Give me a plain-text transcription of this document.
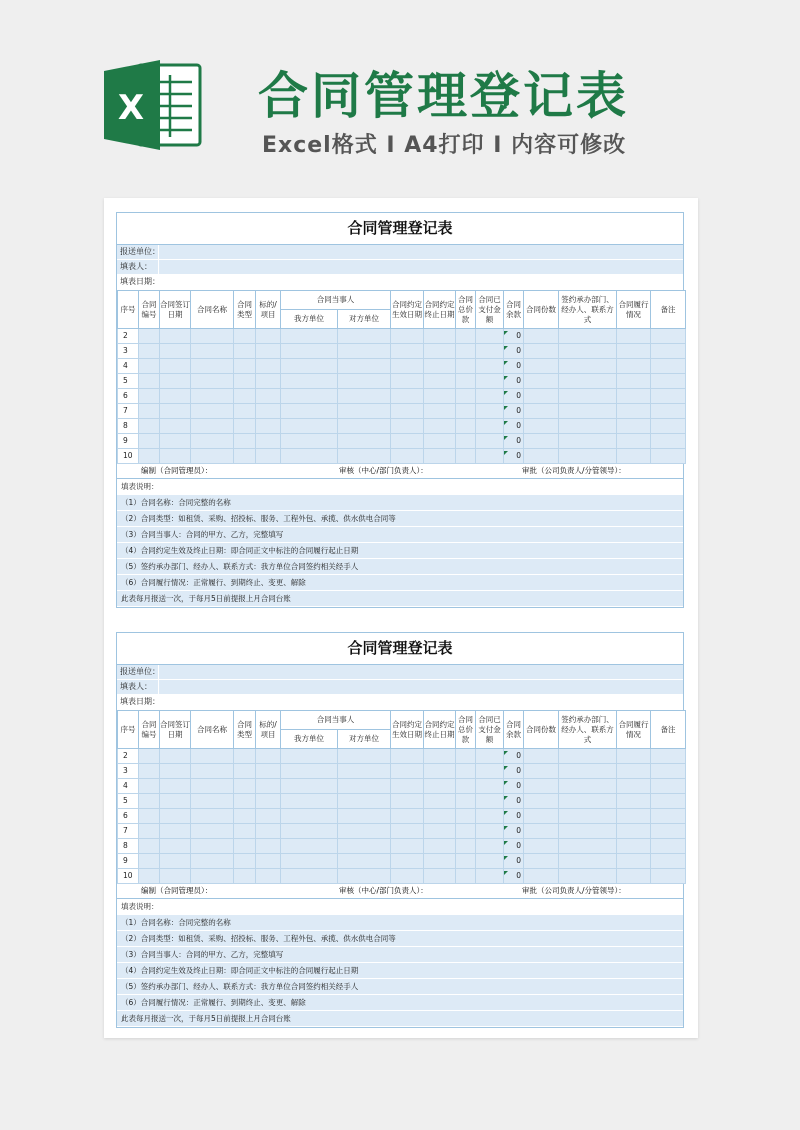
X 合同管理登记表
Excel格式 I A4打印 I 内容可修改
合同管理登记表
报送单位：
填表人：
填表日期：
序号	合同编号	合同签订日期	合同名称	合同类型	标的/项目	合同当事人		合同约定生效日期	合同约定终止日期	合同总价款	合同已支付金额	合同余款	合同份数	签约承办部门、经办人、联系方式	合同履行情况	备注
						我方单位	对方单位									
2												0				
3												0				
4												0				
5												0				
6												0				
7												0				
8												0				
9												0				
10												0				
编制（合同管理员）：	审核（中心/部门负责人）：	审批（公司负责人/分管领导）：
填表说明：
（1）合同名称：合同完整的名称
（2）合同类型：如租赁、采购、招投标、服务、工程外包、承揽、供水供电合同等
（3）合同当事人：合同的甲方、乙方，完整填写
（4）合同约定生效及终止日期：即合同正文中标注的合同履行起止日期
（5）签约承办部门、经办人、联系方式：我方单位合同签约相关经手人
（6）合同履行情况：正常履行、到期终止、变更、解除
此表每月报送一次，于每月5日前提报上月合同台账
合同管理登记表
报送单位：
填表人：
填表日期：
序号	合同编号	合同签订日期	合同名称	合同类型	标的/项目	合同当事人		合同约定生效日期	合同约定终止日期	合同总价款	合同已支付金额	合同余款	合同份数	签约承办部门、经办人、联系方式	合同履行情况	备注
						我方单位	对方单位									
2												0				
3												0				
4												0				
5												0				
6												0				
7												0				
8												0				
9												0				
10												0				
编制（合同管理员）：	审核（中心/部门负责人）：	审批（公司负责人/分管领导）：
填表说明：
（1）合同名称：合同完整的名称
（2）合同类型：如租赁、采购、招投标、服务、工程外包、承揽、供水供电合同等
（3）合同当事人：合同的甲方、乙方，完整填写
（4）合同约定生效及终止日期：即合同正文中标注的合同履行起止日期
（5）签约承办部门、经办人、联系方式：我方单位合同签约相关经手人
（6）合同履行情况：正常履行、到期终止、变更、解除
此表每月报送一次，于每月5日前提报上月合同台账
